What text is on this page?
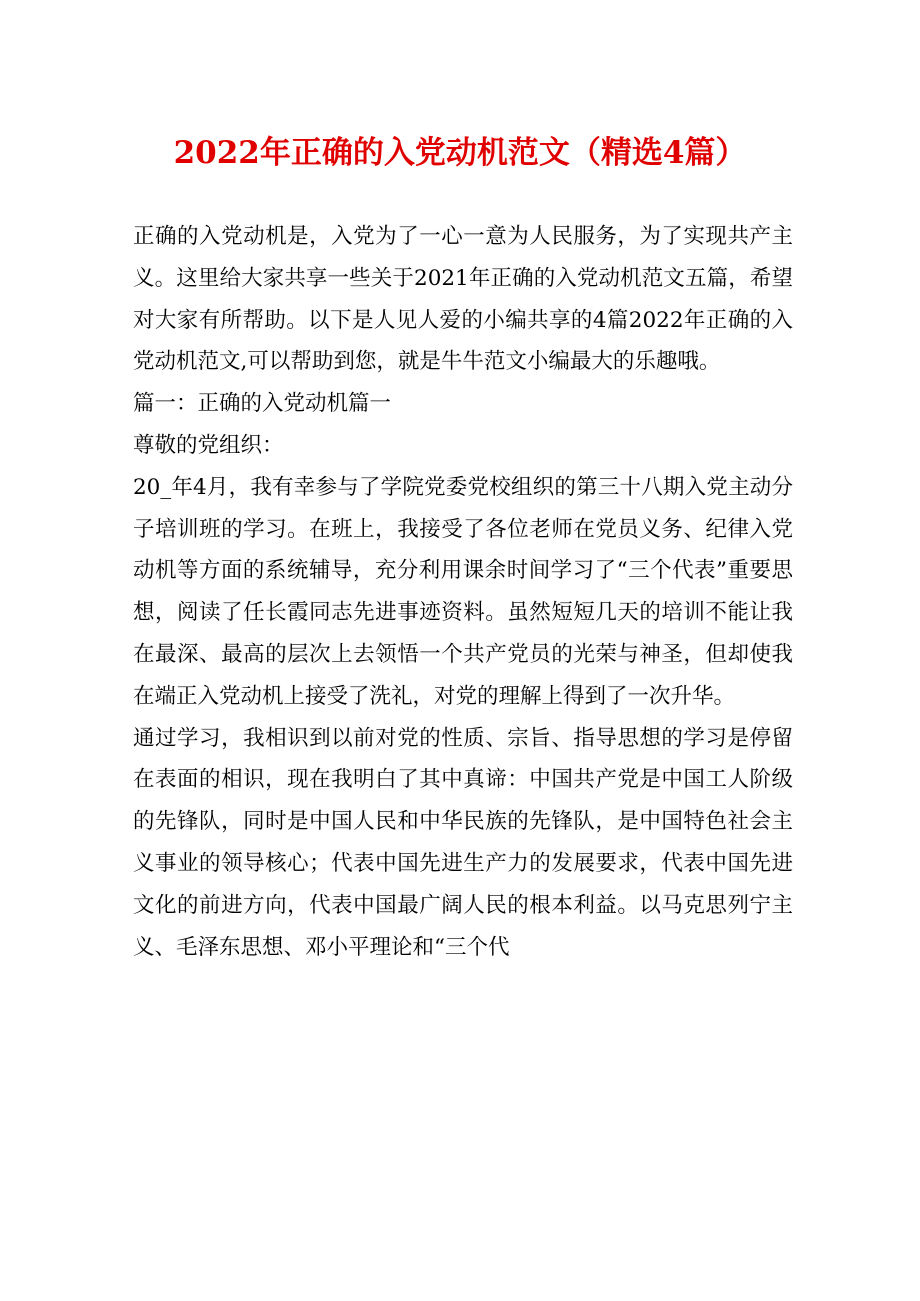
2022年正确的入党动机范文（精选4篇）

正确的入党动机是，入党为了一心一意为人民服务，为了实现共产主义。这里给大家共享一些关于2021年正确的入党动机范文五篇，希望对大家有所帮助。以下是人见人爱的小编共享的4篇2022年正确的入党动机范文,可以帮助到您，就是牛牛范文小编最大的乐趣哦。

篇一：正确的入党动机篇一

尊敬的党组织：

20_年4月，我有幸参与了学院党委党校组织的第三十八期入党主动分子培训班的学习。在班上，我接受了各位老师在党员义务、纪律入党动机等方面的系统辅导，充分利用课余时间学习了“三个代表”重要思想，阅读了任长霞同志先进事迹资料。虽然短短几天的培训不能让我在最深、最高的层次上去领悟一个共产党员的光荣与神圣，但却使我在端正入党动机上接受了洗礼，对党的理解上得到了一次升华。

通过学习，我相识到以前对党的性质、宗旨、指导思想的学习是停留在表面的相识，现在我明白了其中真谛：中国共产党是中国工人阶级的先锋队，同时是中国人民和中华民族的先锋队，是中国特色社会主义事业的领导核心；代表中国先进生产力的发展要求，代表中国先进文化的前进方向，代表中国最广阔人民的根本利益。以马克思列宁主义、毛泽东思想、邓小平理论和“三个代
